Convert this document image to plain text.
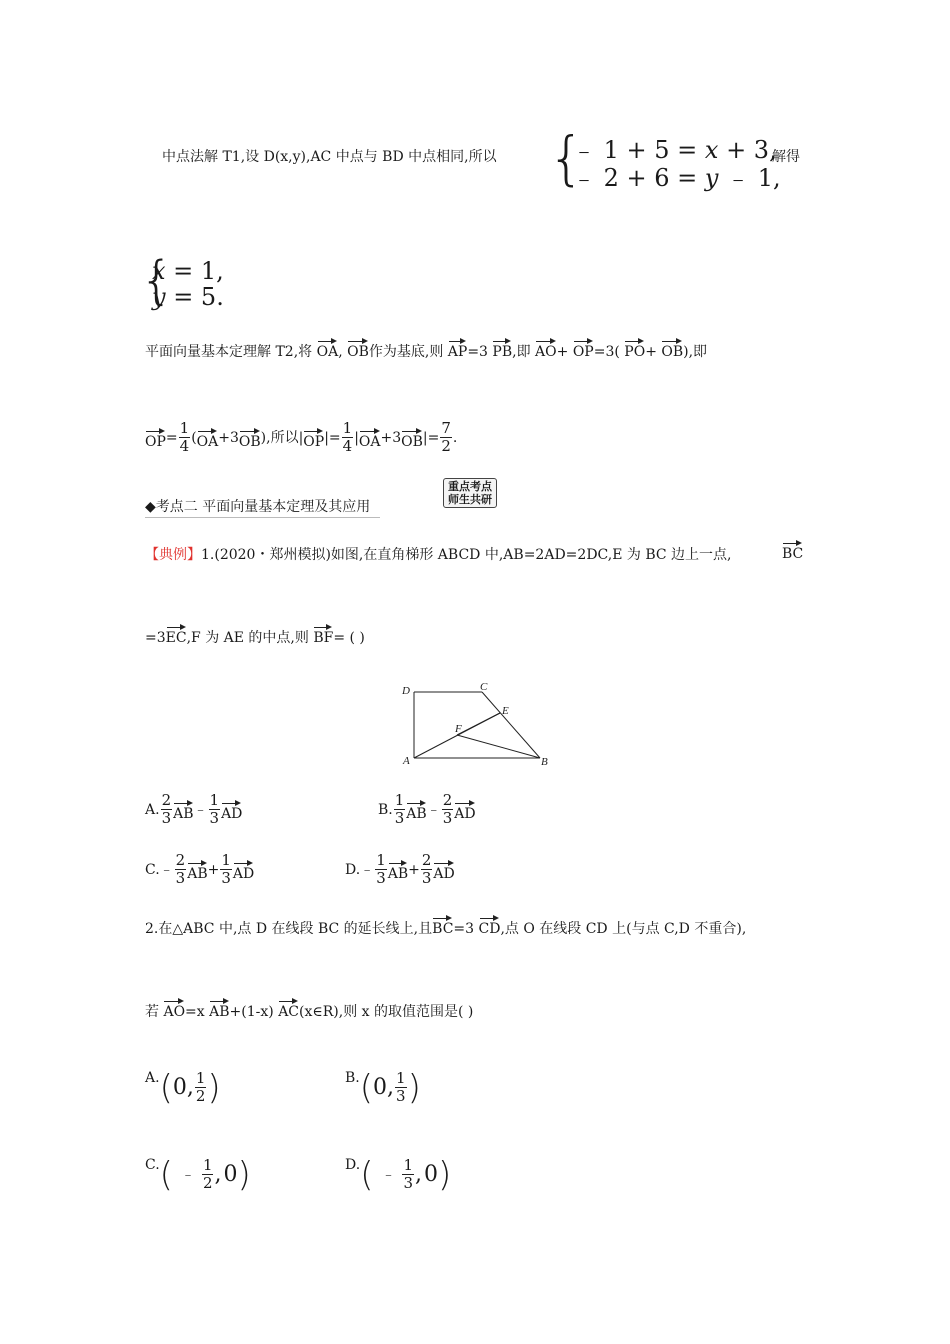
中点法解 T1,设 D(x,y),AC 中点与 BD 中点相同,所以 {
﹣ 1 + 5 = 𝑥 + 3,
﹣ 2 + 6 = 𝑦 ﹣ 1,
解得
{
𝑥 = 1,
𝑦 = 5.
平面向量基本定理解 T2,将 OA, OB作为基底,则 AP=3 PB,即 AO+ OP=3( PO+ OB),即
OP = $\frac{1}{4}$ ( OA +3 OB ),所以| OP |= $\frac{1}{4}$ | OA +3 OB |= $\frac{7}{2}$ .
◆考点二 平面向量基本定理及其应用
重点考点
师生共研
【典例】1.(2020・郑州模拟)如图,在直角梯形 ABCD 中,AB=2AD=2DC,E 为 BC 边上一点,	BC
=3EC,F 为 AE 的中点,则 BF= ( )
D	C
E
F
A	B
A. $\frac{2}{3}$ AB ﹣ $\frac{1}{3}$ AD	B. $\frac{1}{3}$ AB ﹣ $\frac{2}{3}$ AD
C.﹣ $\frac{2}{3}$ AB + $\frac{1}{3}$ AD	D.﹣ $\frac{1}{3}$ AB + $\frac{2}{3}$ AD
2.在△ABC 中,点 D 在线段 BC 的延长线上,且BC=3 CD,点 O 在线段 CD 上(与点 C,D 不重合),
若 AO=x AB+(1-x) AC(x∈R),则 x 的取值范围是( )
A. ( 0, $\frac{1}{2}$ )	B. ( 0, $\frac{1}{3}$ )
C. ( ﹣ $\frac{1}{2}$ , 0 )	D. ( ﹣ $\frac{1}{3}$ , 0 )
